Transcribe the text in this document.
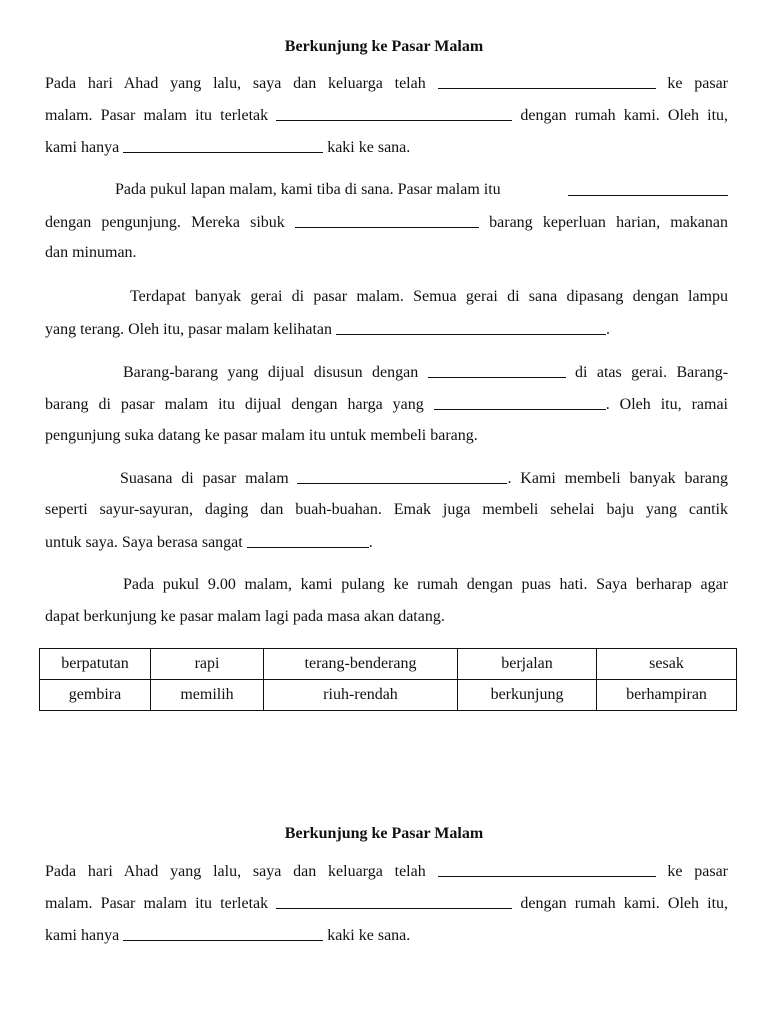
Berkunjung ke Pasar Malam
Pada hari Ahad yang lalu, saya dan keluarga telah	ke pasar
malam. Pasar malam itu terletak	dengan rumah kami. Oleh itu,
kami hanya	kaki ke sana.
Pada pukul lapan malam, kami tiba di sana. Pasar malam itu
dengan pengunjung. Mereka sibuk	barang keperluan harian, makanan
dan minuman.
Terdapat banyak gerai di pasar malam. Semua gerai di sana dipasang dengan lampu
yang terang. Oleh itu, pasar malam kelihatan	.
Barang-barang yang dijual disusun dengan	di atas gerai. Barang-
barang di pasar malam itu dijual dengan harga yang	. Oleh itu, ramai
pengunjung suka datang ke pasar malam itu untuk membeli barang.
Suasana di pasar malam	. Kami membeli banyak barang
seperti sayur-sayuran, daging dan buah-buahan. Emak juga membeli sehelai baju yang cantik
untuk saya. Saya berasa sangat	.
Pada pukul 9.00 malam, kami pulang ke rumah dengan puas hati. Saya berharap agar
dapat berkunjung ke pasar malam lagi pada masa akan datang.
berpatutan	rapi	terang-benderang	berjalan	sesak
gembira	memilih	riuh-rendah	berkunjung	berhampiran
Berkunjung ke Pasar Malam
Pada hari Ahad yang lalu, saya dan keluarga telah	ke pasar
malam. Pasar malam itu terletak	dengan rumah kami. Oleh itu,
kami hanya	kaki ke sana.
